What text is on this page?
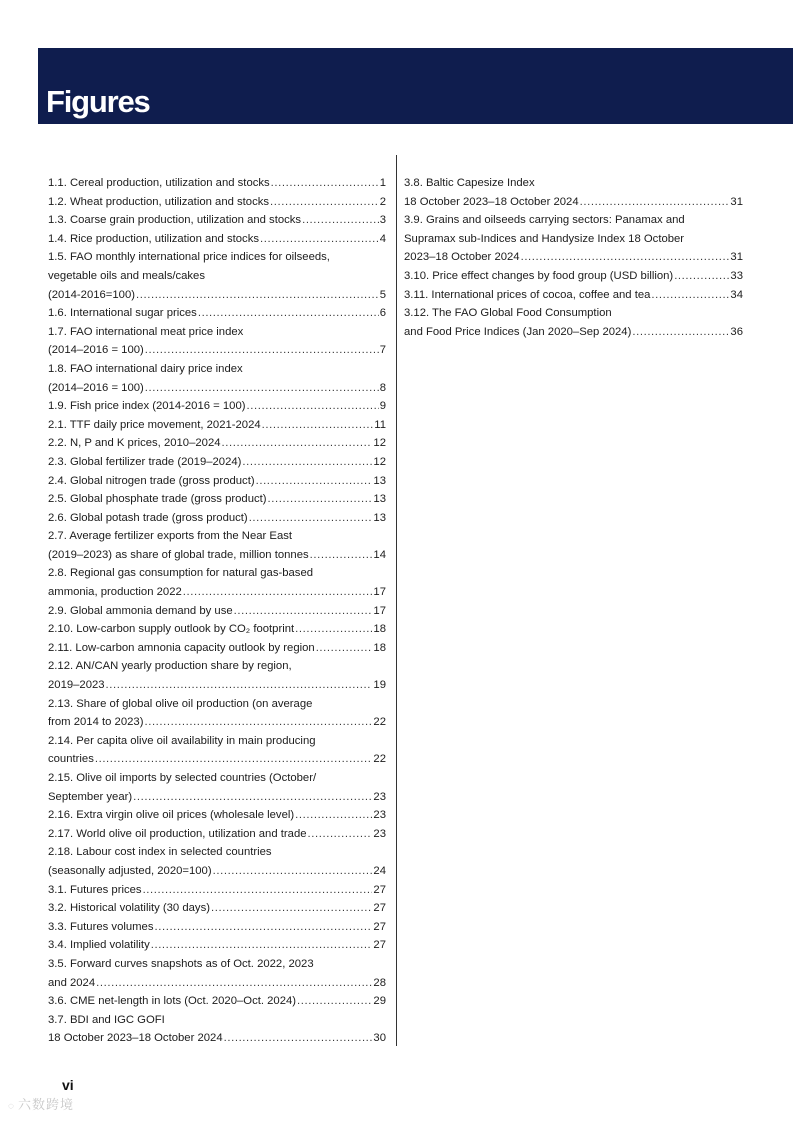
Figures
1.1. Cereal production, utilization and stocks .....	1
1.2. Wheat production, utilization and stocks .....	2
1.3. Coarse grain production, utilization and stocks .....	3
1.4. Rice production, utilization and stocks .....	4
1.5. FAO monthly international price indices for oilseeds,
vegetable oils and meals/cakes
(2014-2016=100) .....	5
1.6. International sugar prices .....	6
1.7. FAO international meat price index
(2014–2016 = 100) .....	7
1.8. FAO international dairy price index
(2014–2016 = 100) .....	8
1.9. Fish price index (2014-2016 = 100) .....	9
2.1. TTF daily price movement, 2021-2024 .....	11
2.2. N, P and K prices, 2010–2024 .....	12
2.3. Global fertilizer trade (2019–2024) .....	12
2.4. Global nitrogen trade (gross product) .....	13
2.5. Global phosphate trade (gross product) .....	13
2.6. Global potash trade (gross product) .....	13
2.7. Average fertilizer exports from the Near East
(2019–2023) as share of global trade, million tonnes .....	14
2.8. Regional gas consumption for natural gas-based
ammonia, production 2022 .....	17
2.9. Global ammonia demand by use .....	17
2.10. Low-carbon supply outlook by CO₂ footprint .....	18
2.11. Low-carbon amnonia capacity outlook by region .....	18
2.12. AN/CAN yearly production share by region,
2019–2023 .....	19
2.13. Share of global olive oil production (on average
from 2014 to 2023) .....	22
2.14. Per capita olive oil availability in main producing
countries .....	22
2.15. Olive oil imports by selected countries (October/
September year) .....	23
2.16. Extra virgin olive oil prices (wholesale level) .....	23
2.17. World olive oil production, utilization and trade .....	23
2.18. Labour cost index in selected countries
(seasonally adjusted, 2020=100) .....	24
3.1. Futures prices .....	27
3.2. Historical volatility (30 days) .....	27
3.3. Futures volumes .....	27
3.4. Implied volatility .....	27
3.5. Forward curves snapshots as of Oct. 2022, 2023
and 2024 .....	28
3.6. CME net-length in lots (Oct. 2020–Oct. 2024) .....	29
3.7. BDI and IGC GOFI
18 October 2023–18 October 2024 .....	30
3.8. Baltic Capesize Index
18 October 2023–18 October 2024 .....	31
3.9. Grains and oilseeds carrying sectors: Panamax and
Supramax sub-Indices and Handysize Index 18 October
2023–18 October 2024 .....	31
3.10. Price effect changes by food group (USD billion) .....	33
3.11. International prices of cocoa, coffee and tea .....	34
3.12. The FAO Global Food Consumption
and Food Price Indices (Jan 2020–Sep 2024) .....	36
vi
◌ 六数跨境
